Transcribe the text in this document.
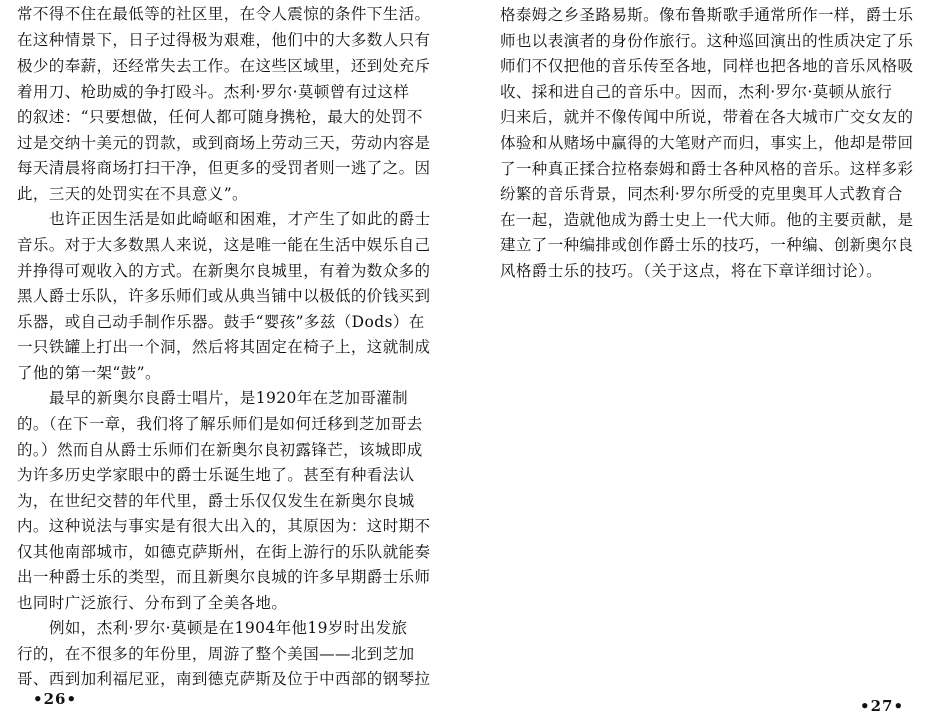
常不得不住在最低等的社区里，在令人震惊的条件下生活。
在这种情景下，日子过得极为艰难，他们中的大多数人只有
极少的奉薪，还经常失去工作。在这些区域里，还到处充斥
着用刀、枪助威的争打殴斗。杰利·罗尔·莫顿曾有过这样
的叙述：“只要想做，任何人都可随身携枪，最大的处罚不
过是交纳十美元的罚款，或到商场上劳动三天，劳动内容是
每天清晨将商场打扫干净，但更多的受罚者则一逃了之。因
此，三天的处罚实在不具意义”。
也许正因生活是如此崎岖和困难，才产生了如此的爵士
音乐。对于大多数黑人来说，这是唯一能在生活中娱乐自己
并挣得可观收入的方式。在新奥尔良城里，有着为数众多的
黑人爵士乐队，许多乐师们或从典当铺中以极低的价钱买到
乐器，或自己动手制作乐器。鼓手“婴孩”多兹（Dods）在
一只铁罐上打出一个洞，然后将其固定在椅子上，这就制成
了他的第一架“鼓”。
最早的新奥尔良爵士唱片，是1920年在芝加哥灌制
的。（在下一章，我们将了解乐师们是如何迁移到芝加哥去
的。）然而自从爵士乐师们在新奥尔良初露锋芒，该城即成
为许多历史学家眼中的爵士乐诞生地了。甚至有种看法认
为，在世纪交替的年代里，爵士乐仅仅发生在新奥尔良城
内。这种说法与事实是有很大出入的，其原因为：这时期不
仅其他南部城市，如德克萨斯州，在街上游行的乐队就能奏
出一种爵士乐的类型，而且新奥尔良城的许多早期爵士乐师
也同时广泛旅行、分布到了全美各地。
例如，杰利·罗尔·莫顿是在1904年他19岁时出发旅
行的，在不很多的年份里，周游了整个美国——北到芝加
哥、西到加利福尼亚，南到德克萨斯及位于中西部的钢琴拉
•26•
格泰姆之乡圣路易斯。像布鲁斯歌手通常所作一样，爵士乐
师也以表演者的身份作旅行。这种巡回演出的性质决定了乐
师们不仅把他的音乐传至各地，同样也把各地的音乐风格吸
收、採和进自己的音乐中。因而，杰利·罗尔·莫顿从旅行
归来后，就并不像传闻中所说，带着在各大城市广交女友的
体验和从赌场中赢得的大笔财产而归，事实上，他却是带回
了一种真正揉合拉格泰姆和爵士各种风格的音乐。这样多彩
纷繁的音乐背景，同杰利·罗尔所受的克里奥耳人式教育合
在一起，造就他成为爵士史上一代大师。他的主要贡献，是
建立了一种编排或创作爵士乐的技巧，一种编、创新奥尔良
风格爵士乐的技巧。（关于这点，将在下章详细讨论）。
•27•
